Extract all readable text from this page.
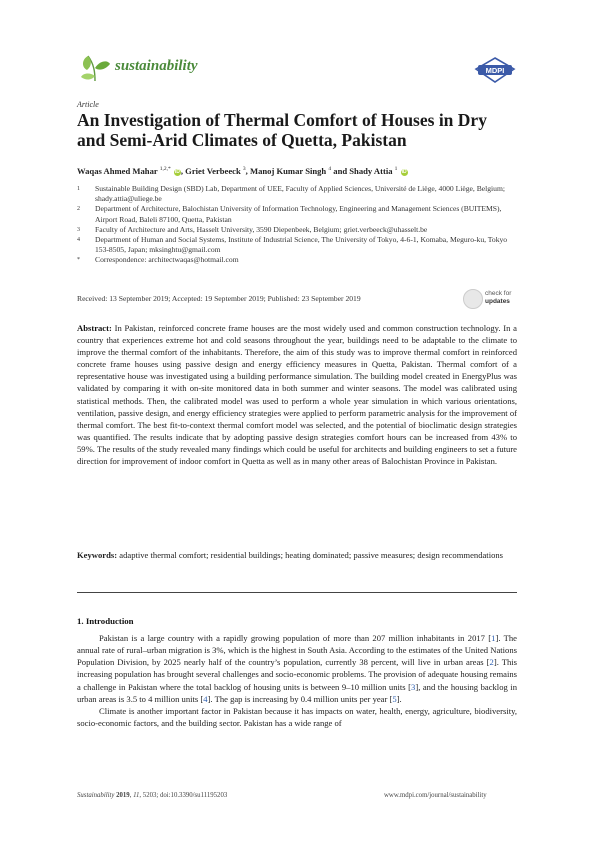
sustainability	MDPI
Article
An Investigation of Thermal Comfort of Houses in Dry and Semi-Arid Climates of Quetta, Pakistan
Waqas Ahmed Mahar $^{1,2,*}$ iD, Griet Verbeeck $^3$, Manoj Kumar Singh $^4$ and Shady Attia $^1$ iD
1	Sustainable Building Design (SBD) Lab, Department of UEE, Faculty of Applied Sciences, Université de Liège, 4000 Liège, Belgium; shady.attia@uliege.be
2	Department of Architecture, Balochistan University of Information Technology, Engineering and Management Sciences (BUITEMS), Airport Road, Baleli 87100, Quetta, Pakistan
3	Faculty of Architecture and Arts, Hasselt University, 3590 Diepenbeek, Belgium; griet.verbeeck@uhasselt.be
4	Department of Human and Social Systems, Institute of Industrial Science, The University of Tokyo, 4-6-1, Komaba, Meguro-ku, Tokyo 153-8505, Japan; mksinghtu@gmail.com
*	Correspondence: architectwaqas@hotmail.com
Received: 13 September 2019; Accepted: 19 September 2019; Published: 23 September 2019
check for
updates
Abstract: In Pakistan, reinforced concrete frame houses are the most widely used and common construction technology. In a country that experiences extreme hot and cold seasons throughout the year, buildings need to be adaptable to the climate to improve the thermal comfort of the inhabitants. Therefore, the aim of this study was to improve thermal comfort in reinforced concrete frame houses using passive design and energy efficiency measures in Quetta, Pakistan. Thermal comfort of a representative house was investigated using a building performance simulation. The building model created in EnergyPlus was validated by comparing it with on-site monitored data in both summer and winter seasons. The model was calibrated using statistical methods. Then, the calibrated model was used to perform a whole year simulation in which various orientations, ventilation, passive design, and energy efficiency strategies were applied to perform parametric analysis for the improvement of thermal comfort. The best fit-to-context thermal comfort model was selected, and the potential of bioclimatic design strategies was quantified. The results indicate that by adopting passive design strategies comfort hours can be increased from 43% to 59%. The results of the study revealed many findings which could be useful for architects and building engineers to set a future direction for improvement of indoor comfort in Quetta as well as in many other areas of Balochistan Province in Pakistan.
Keywords: adaptive thermal comfort; residential buildings; heating dominated; passive measures; design recommendations
1. Introduction

Pakistan is a large country with a rapidly growing population of more than 207 million inhabitants in 2017 [1]. The annual rate of rural–urban migration is 3%, which is the highest in South Asia. According to the estimates of the United Nations Population Division, by 2025 nearly half of the country’s population, currently 38 percent, will live in urban areas [2]. This increasing population has brought several challenges and socio-economic problems. The provision of adequate housing remains a challenge in Pakistan where the total backlog of housing units is between 9–10 million units [3], and the housing backlog in urban areas is 3.5 to 4 million units [4]. The gap is increasing by 0.4 million units per year [5].

Climate is another important factor in Pakistan because it has impacts on water, health, energy, agriculture, biodiversity, socio-economic factors, and the building sector. Pakistan has a wide range of

Sustainability 2019, 11, 5203; doi:10.3390/su11195203	www.mdpi.com/journal/sustainability
